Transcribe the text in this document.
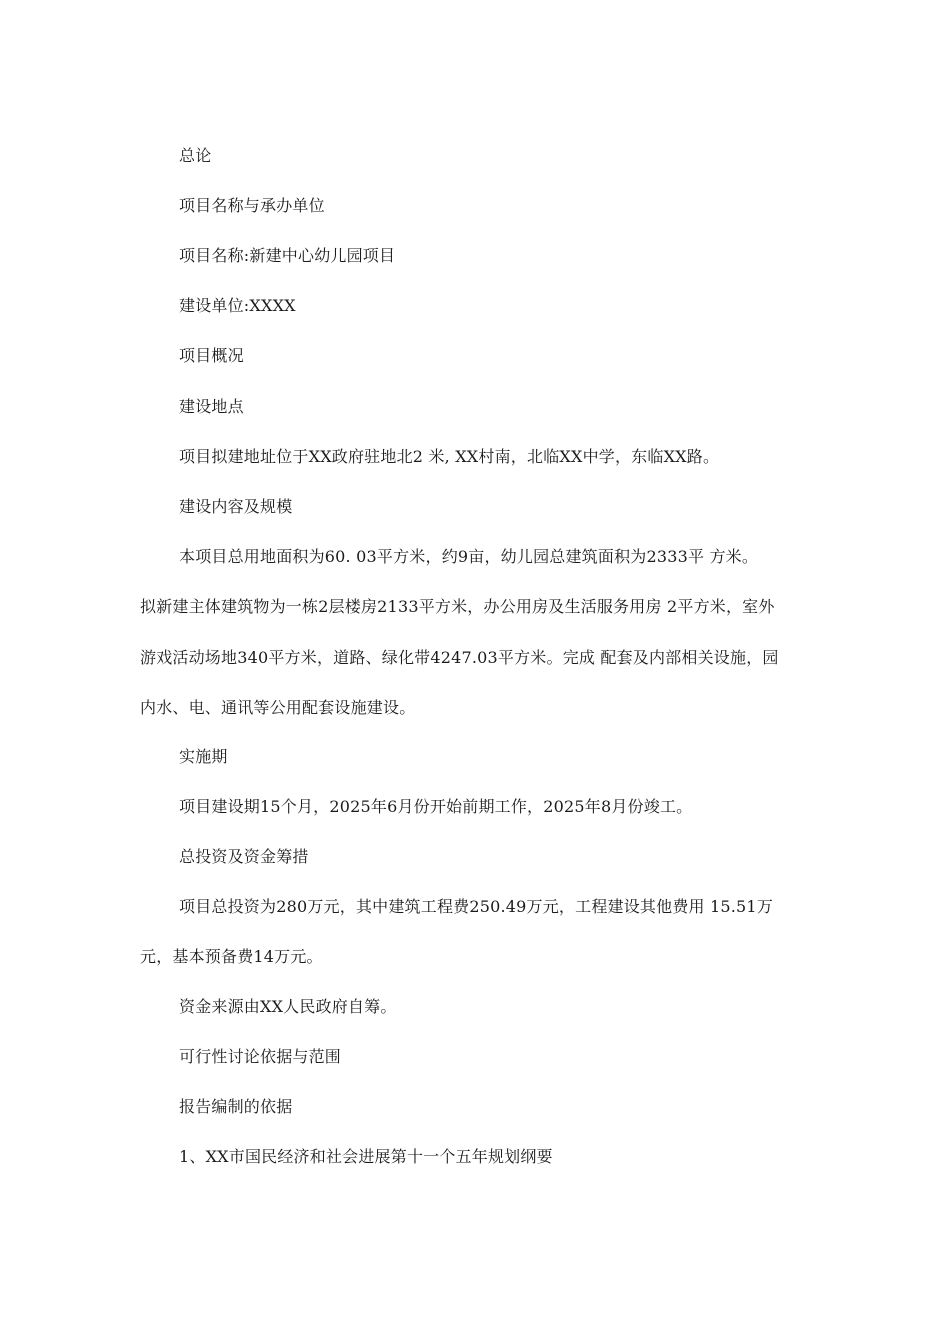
总论
项目名称与承办单位
项目名称:新建中心幼儿园项目
建设单位:XXXX
项目概况
建设地点
项目拟建地址位于XX政府驻地北2 米, XX村南，北临XX中学，东临XX路。
建设内容及规模
本项目总用地面积为60. 03平方米，约9亩，幼儿园总建筑面积为2333平 方米。
拟新建主体建筑物为一栋2层楼房2133平方米，办公用房及生活服务用房 2平方米，室外
游戏活动场地340平方米，道路、绿化带4247.03平方米。完成 配套及内部相关设施，园
内水、电、通讯等公用配套设施建设。
实施期
项目建设期15个月，2025年6月份开始前期工作，2025年8月份竣工。
总投资及资金筹措
项目总投资为280万元，其中建筑工程费250.49万元，工程建设其他费用 15.51万
元，基本预备费14万元。
资金来源由XX人民政府自筹。
可行性讨论依据与范围
报告编制的依据
1、XX市国民经济和社会进展第十一个五年规划纲要
